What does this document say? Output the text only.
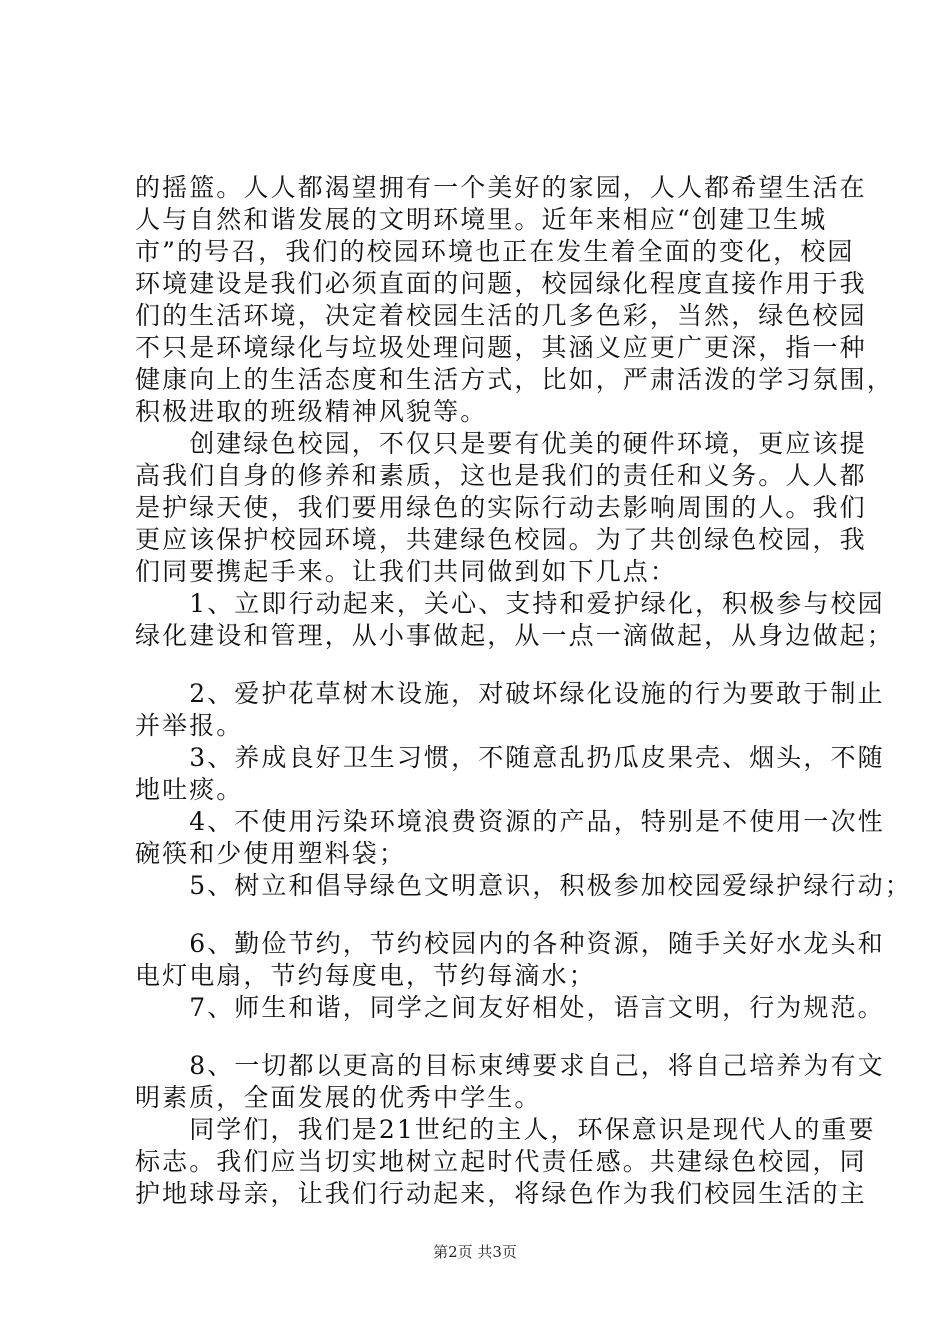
的摇篮。人人都渴望拥有一个美好的家园，人人都希望生活在
人与自然和谐发展的文明环境里。近年来相应“创建卫生城
市”的号召，我们的校园环境也正在发生着全面的变化，校园
环境建设是我们必须直面的问题，校园绿化程度直接作用于我
们的生活环境，决定着校园生活的几多色彩，当然，绿色校园
不只是环境绿化与垃圾处理问题，其涵义应更广更深，指一种
健康向上的生活态度和生活方式，比如，严肃活泼的学习氛围，
积极进取的班级精神风貌等。
　　创建绿色校园，不仅只是要有优美的硬件环境，更应该提
高我们自身的修养和素质，这也是我们的责任和义务。人人都
是护绿天使，我们要用绿色的实际行动去影响周围的人。我们
更应该保护校园环境，共建绿色校园。为了共创绿色校园，我
们同要携起手来。让我们共同做到如下几点：
　　1、立即行动起来，关心、支持和爱护绿化，积极参与校园
绿化建设和管理，从小事做起，从一点一滴做起，从身边做起；
　　2、爱护花草树木设施，对破坏绿化设施的行为要敢于制止
并举报。
　　3、养成良好卫生习惯，不随意乱扔瓜皮果壳、烟头，不随
地吐痰。
　　4、不使用污染环境浪费资源的产品，特别是不使用一次性
碗筷和少使用塑料袋；
　　5、树立和倡导绿色文明意识，积极参加校园爱绿护绿行动；
　　6、勤俭节约，节约校园内的各种资源，随手关好水龙头和
电灯电扇，节约每度电，节约每滴水；
　　7、师生和谐，同学之间友好相处，语言文明，行为规范。
　　8、一切都以更高的目标束缚要求自己，将自己培养为有文
明素质，全面发展的优秀中学生。
　　同学们，我们是21世纪的主人，环保意识是现代人的重要
标志。我们应当切实地树立起时代责任感。共建绿色校园，同
护地球母亲，让我们行动起来，将绿色作为我们校园生活的主
第2页 共3页
